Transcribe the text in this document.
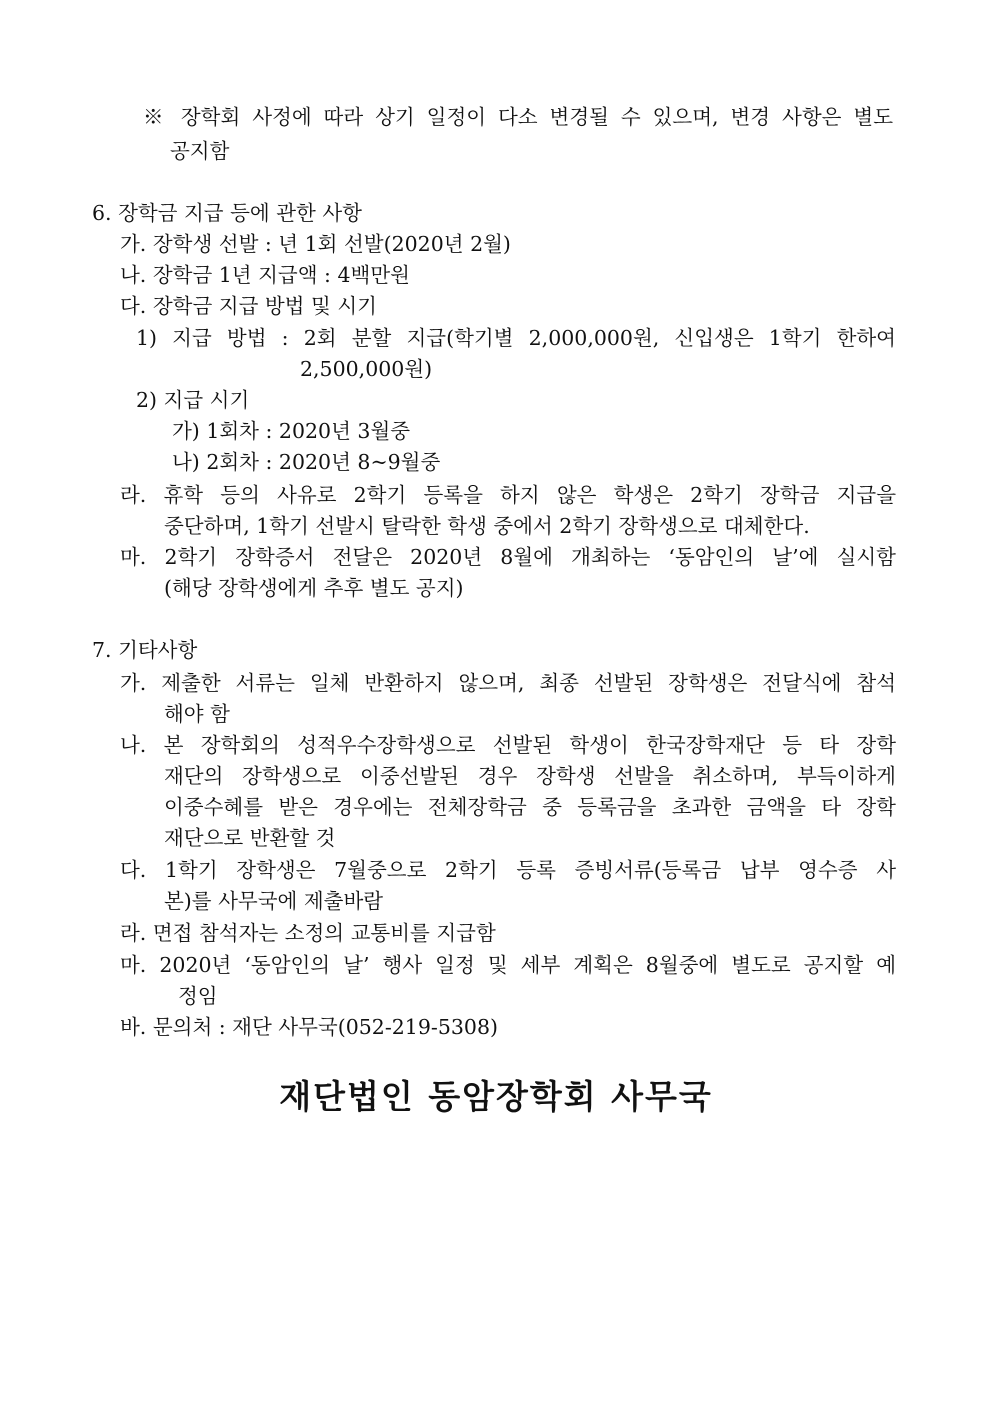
※ 장학회 사정에 따라 상기 일정이 다소 변경될 수 있으며, 변경 사항은 별도
공지함
6. 장학금 지급 등에 관한 사항
가. 장학생 선발 : 년 1회 선발(2020년 2월)
나. 장학금 1년 지급액 : 4백만원
다. 장학금 지급 방법 및 시기
1) 지급 방법 : 2회 분할 지급(학기별 2,000,000원, 신입생은 1학기 한하여
2,500,000원)
2) 지급 시기
가) 1회차 : 2020년 3월중
나) 2회차 : 2020년 8~9월중
라. 휴학 등의 사유로 2학기 등록을 하지 않은 학생은 2학기 장학금 지급을
중단하며, 1학기 선발시 탈락한 학생 중에서 2학기 장학생으로 대체한다.
마. 2학기 장학증서 전달은 2020년 8월에 개최하는 ‘동암인의 날’에 실시함
(해당 장학생에게 추후 별도 공지)
7. 기타사항
가. 제출한 서류는 일체 반환하지 않으며, 최종 선발된 장학생은 전달식에 참석
해야 함
나. 본 장학회의 성적우수장학생으로 선발된 학생이 한국장학재단 등 타 장학
재단의 장학생으로 이중선발된 경우 장학생 선발을 취소하며, 부득이하게
이중수혜를 받은 경우에는 전체장학금 중 등록금을 초과한 금액을 타 장학
재단으로 반환할 것
다. 1학기 장학생은 7월중으로 2학기 등록 증빙서류(등록금 납부 영수증 사
본)를 사무국에 제출바람
라. 면접 참석자는 소정의 교통비를 지급함
마. 2020년 ‘동암인의 날’ 행사 일정 및 세부 계획은 8월중에 별도로 공지할 예
정임
바. 문의처 : 재단 사무국(052-219-5308)
재단법인 동암장학회 사무국
